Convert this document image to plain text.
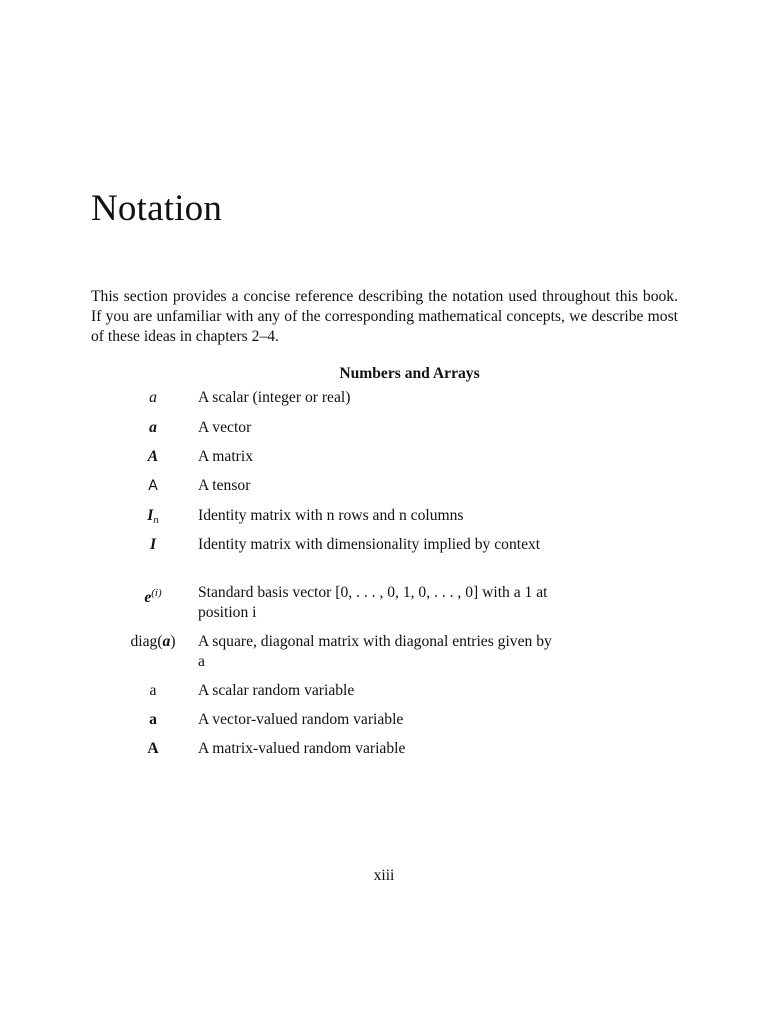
Notation

This section provides a concise reference describing the notation used throughout this book. If you are unfamiliar with any of the corresponding mathematical concepts, we describe most of these ideas in chapters 2–4.

Numbers and Arrays
a	A scalar (integer or real)
a	A vector
A	A matrix
A	A tensor
$I_n$	Identity matrix with n rows and n columns
I	Identity matrix with dimensionality implied by context
$e^{(i)}$	Standard basis vector [0, . . . , 0, 1, 0, . . . , 0] with a 1 at position i
diag(a)	A square, diagonal matrix with diagonal entries given by a
a	A scalar random variable
a	A vector-valued random variable
A	A matrix-valued random variable
xiii
